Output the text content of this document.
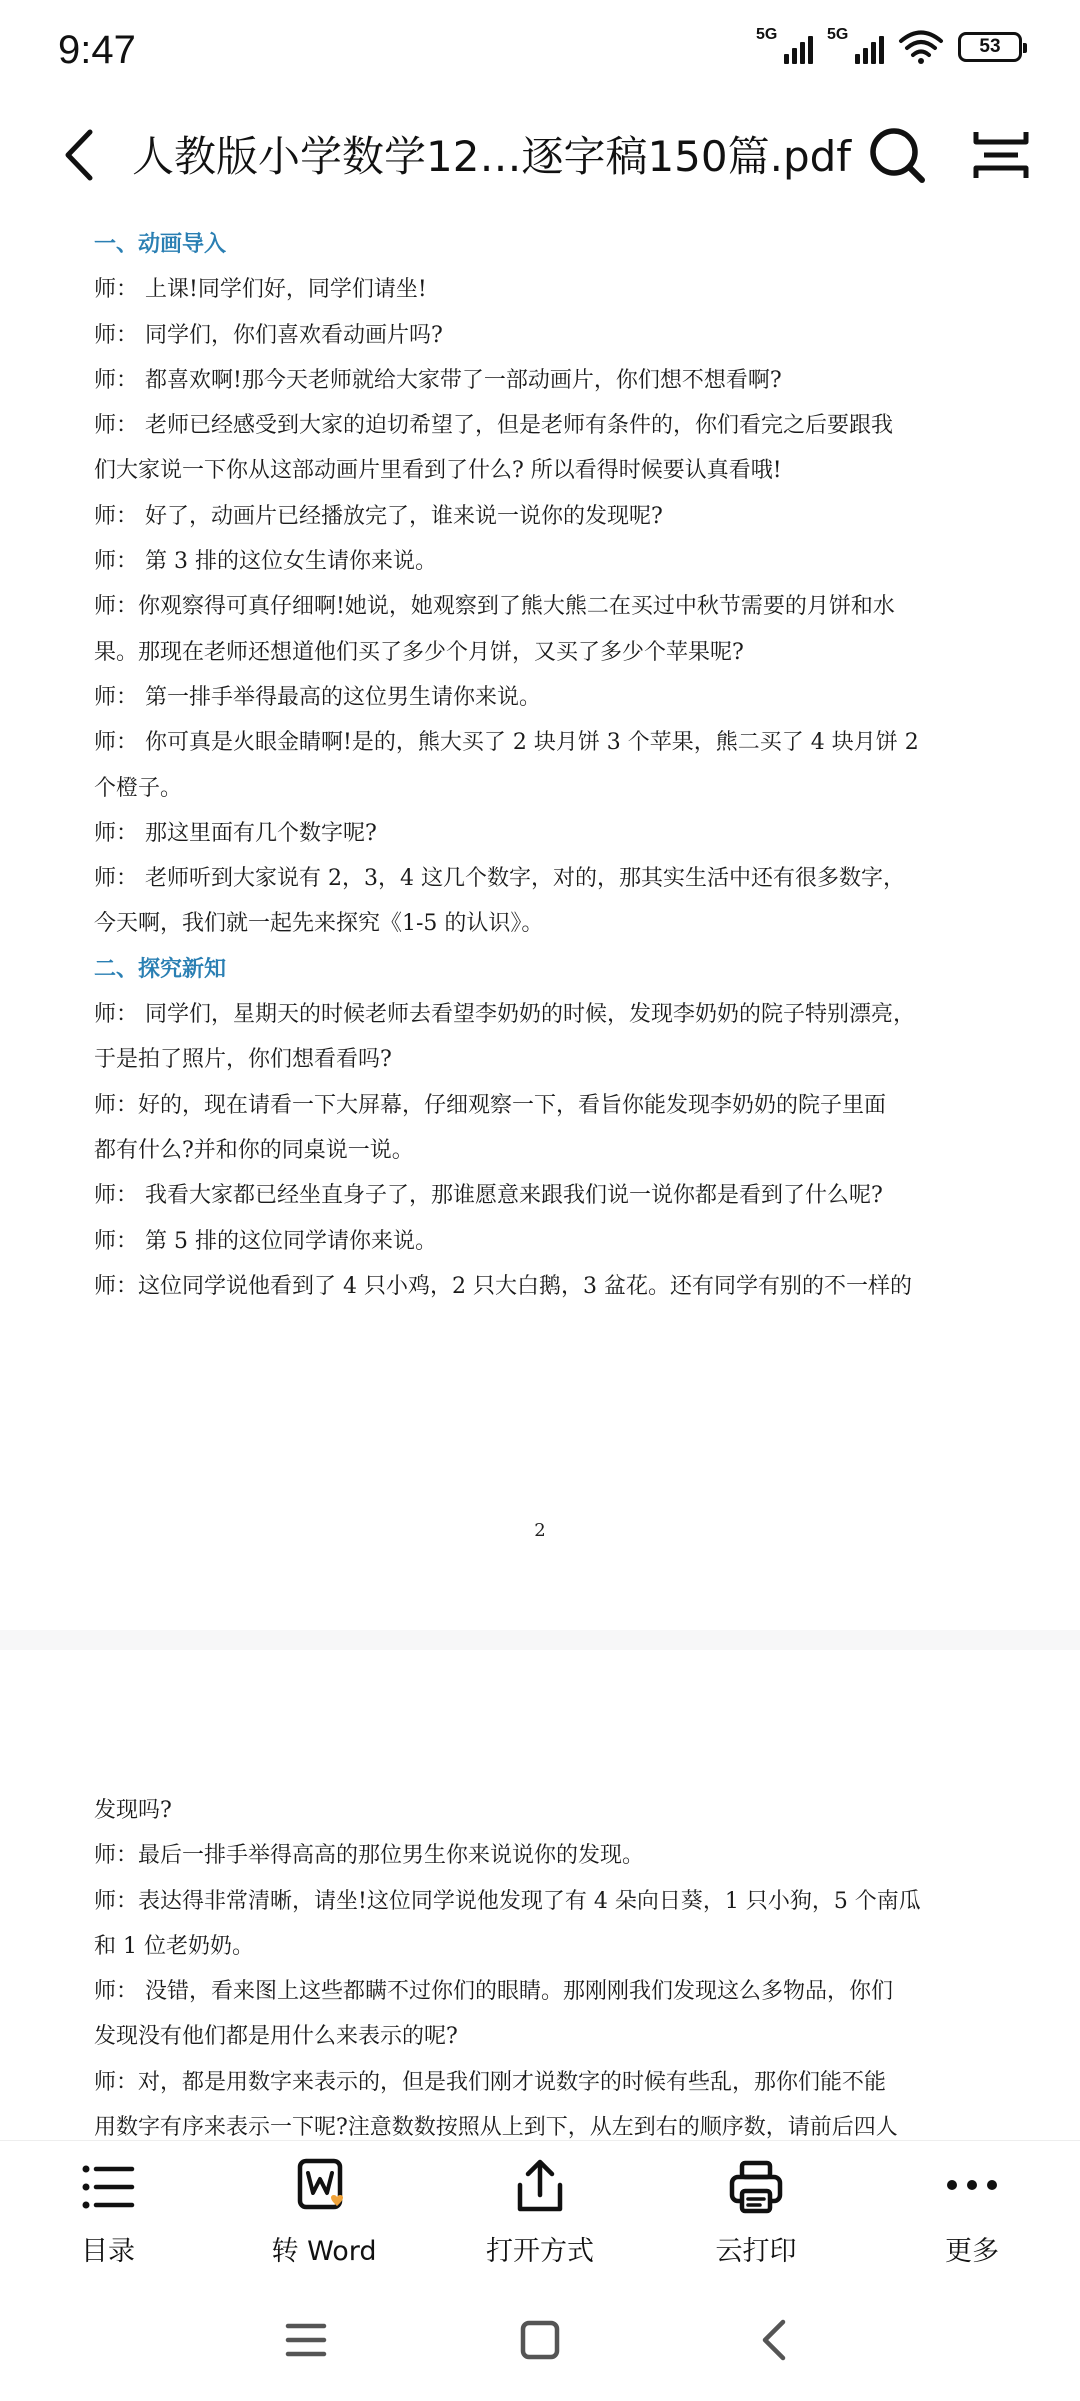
9:47	5G	5G
53
人教版小学数学12…逐字稿150篇.pdf
一、动画导入
师： 上课!同学们好，同学们请坐!
师： 同学们，你们喜欢看动画片吗?
师： 都喜欢啊!那今天老师就给大家带了一部动画片，你们想不想看啊?
师： 老师已经感受到大家的迫切希望了，但是老师有条件的，你们看完之后要跟我
们大家说一下你从这部动画片里看到了什么? 所以看得时候要认真看哦!
师： 好了，动画片已经播放完了，谁来说一说你的发现呢?
师： 第 3 排的这位女生请你来说。
师：你观察得可真仔细啊!她说，她观察到了熊大熊二在买过中秋节需要的月饼和水
果。那现在老师还想道他们买了多少个月饼，又买了多少个苹果呢?
师： 第一排手举得最高的这位男生请你来说。
师： 你可真是火眼金睛啊!是的，熊大买了 2 块月饼 3 个苹果，熊二买了 4 块月饼 2
个橙子。
师： 那这里面有几个数字呢?
师： 老师听到大家说有 2，3，4 这几个数字，对的，那其实生活中还有很多数字，
今天啊，我们就一起先来探究《1-5 的认识》。
二、探究新知
师： 同学们，星期天的时候老师去看望李奶奶的时候，发现李奶奶的院子特别漂亮，
于是拍了照片，你们想看看吗?
师：好的，现在请看一下大屏幕，仔细观察一下，看旨你能发现李奶奶的院子里面
都有什么?并和你的同桌说一说。
师： 我看大家都已经坐直身子了，那谁愿意来跟我们说一说你都是看到了什么呢?
师： 第 5 排的这位同学请你来说。
师：这位同学说他看到了 4 只小鸡，2 只大白鹅，3 盆花。还有同学有别的不一样的
2
发现吗?
师：最后一排手举得高高的那位男生你来说说你的发现。
师：表达得非常清晰，请坐!这位同学说他发现了有 4 朵向日葵，1 只小狗，5 个南瓜
和 1 位老奶奶。
师： 没错，看来图上这些都瞒不过你们的眼睛。那刚刚我们发现这么多物品，你们
发现没有他们都是用什么来表示的呢?
师：对，都是用数字来表示的，但是我们刚才说数字的时候有些乱，那你们能不能
用数字有序来表示一下呢?注意数数按照从上到下，从左到右的顺序数，请前后四人
目录	转 Word	打开方式	云打印	更多
